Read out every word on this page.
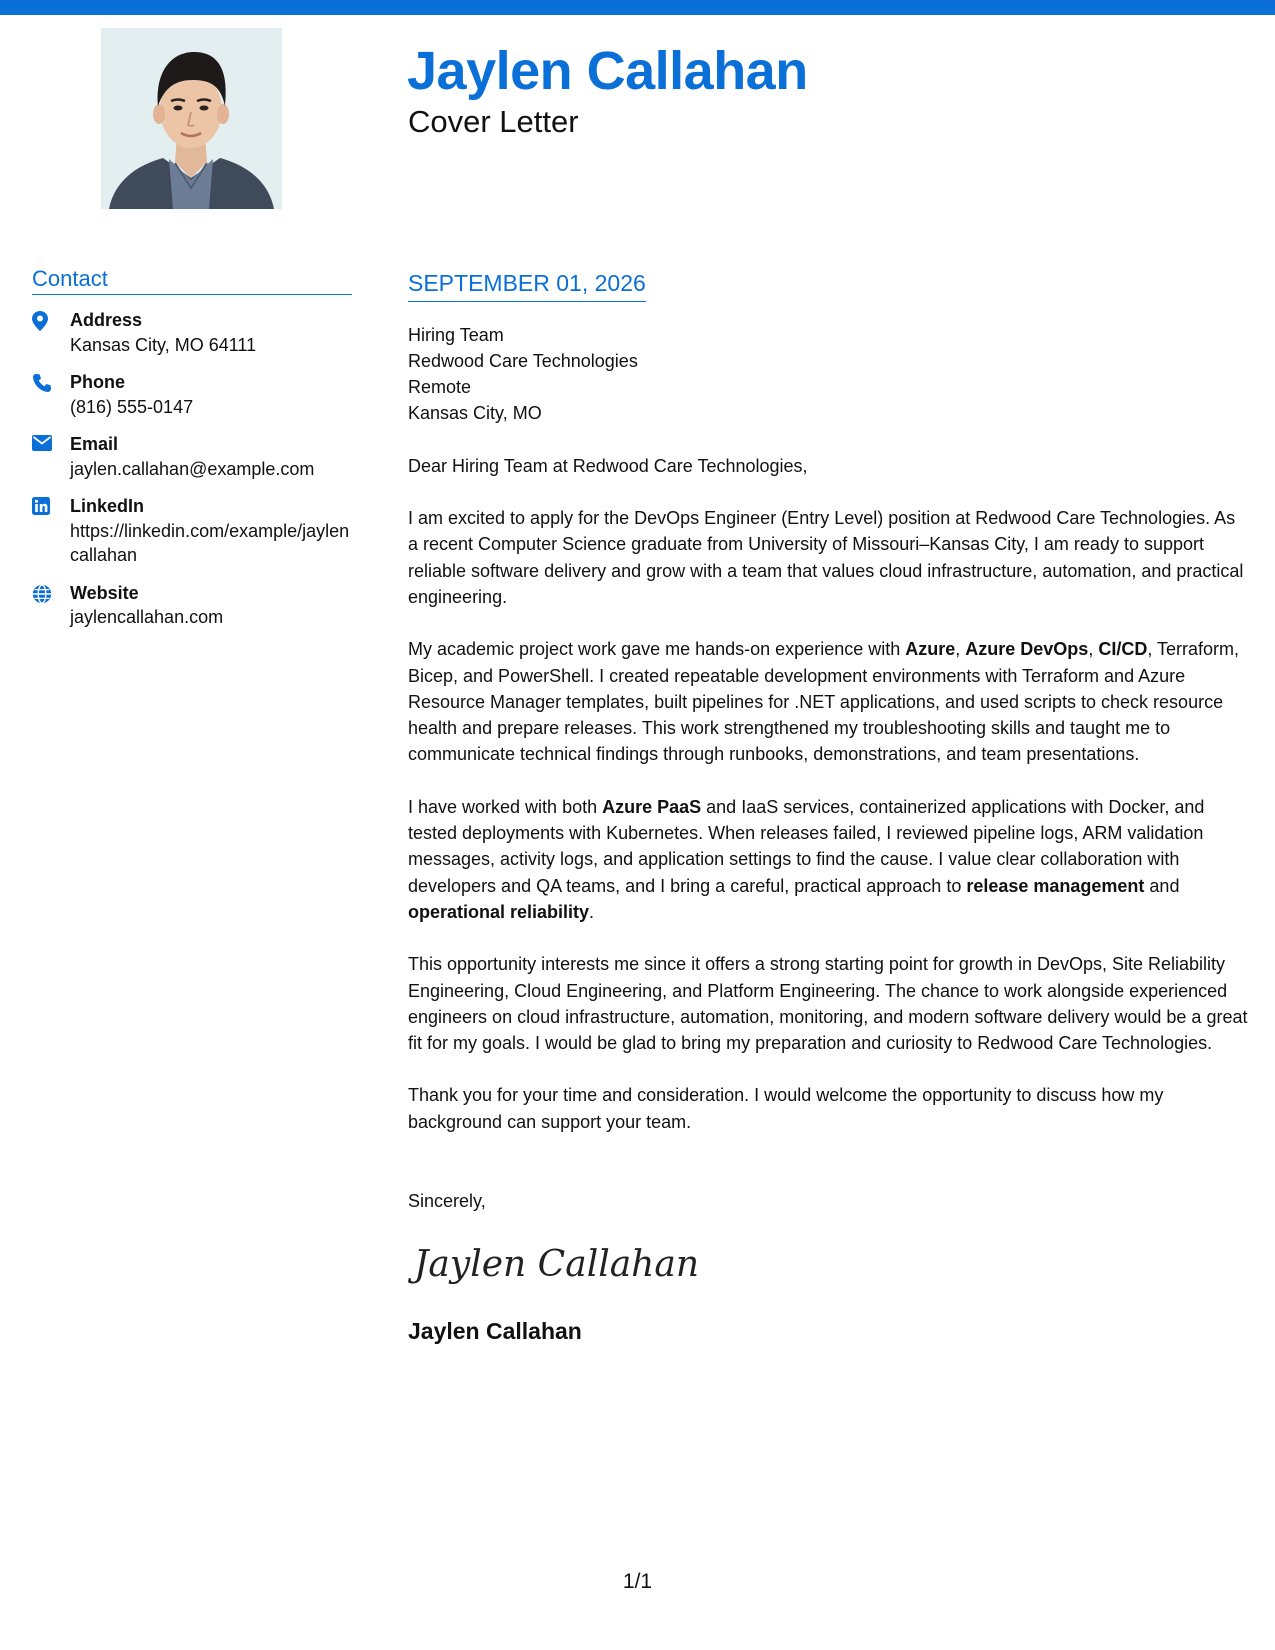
Jaylen Callahan
Cover Letter
Contact
Address
Kansas City, MO 64111
Phone
(816) 555-0147
Email
jaylen.callahan@example.com
LinkedIn
https://linkedin.com/example/jaylencallahan
Website
jaylencallahan.com
SEPTEMBER 01, 2026
Hiring Team
Redwood Care Technologies
Remote
Kansas City, MO
Dear Hiring Team at Redwood Care Technologies,
I am excited to apply for the DevOps Engineer (Entry Level) position at Redwood Care Technologies. As a recent Computer Science graduate from University of Missouri–Kansas City, I am ready to support reliable software delivery and grow with a team that values cloud infrastructure, automation, and practical engineering.
My academic project work gave me hands-on experience with Azure, Azure DevOps, CI/CD, Terraform, Bicep, and PowerShell. I created repeatable development environments with Terraform and Azure Resource Manager templates, built pipelines for .NET applications, and used scripts to check resource health and prepare releases. This work strengthened my troubleshooting skills and taught me to communicate technical findings through runbooks, demonstrations, and team presentations.
I have worked with both Azure PaaS and IaaS services, containerized applications with Docker, and tested deployments with Kubernetes. When releases failed, I reviewed pipeline logs, ARM validation messages, activity logs, and application settings to find the cause. I value clear collaboration with developers and QA teams, and I bring a careful, practical approach to release management and operational reliability.
This opportunity interests me since it offers a strong starting point for growth in DevOps, Site Reliability Engineering, Cloud Engineering, and Platform Engineering. The chance to work alongside experienced engineers on cloud infrastructure, automation, monitoring, and modern software delivery would be a great fit for my goals. I would be glad to bring my preparation and curiosity to Redwood Care Technologies.
Thank you for your time and consideration. I would welcome the opportunity to discuss how my background can support your team.
Sincerely,
Jaylen Callahan
Jaylen Callahan
1/1
